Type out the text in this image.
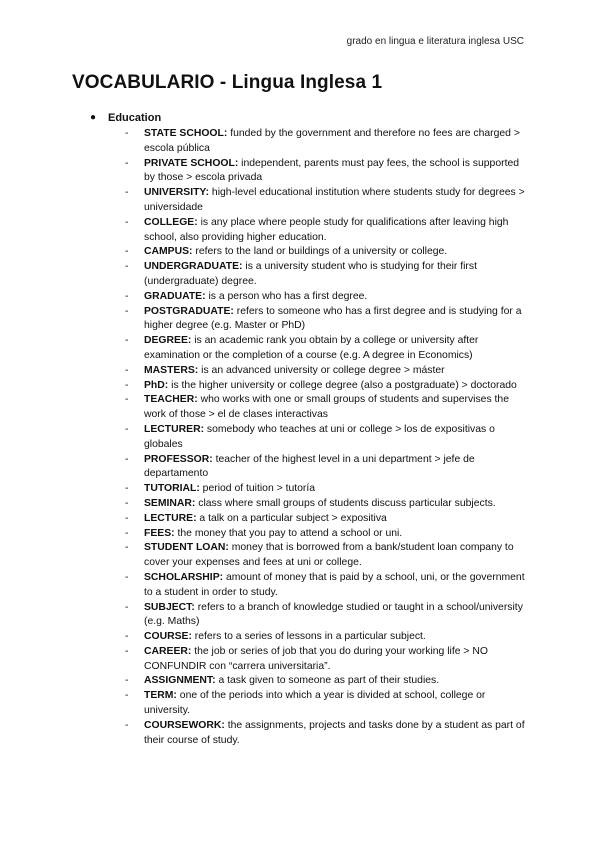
grado en lingua e literatura inglesa USC
VOCABULARIO - Lingua Inglesa 1
● Education
- STATE SCHOOL: funded by the government and therefore no fees are charged > escola pública
- PRIVATE SCHOOL: independent, parents must pay fees, the school is supported by those > escola privada
- UNIVERSITY: high-level educational institution where students study for degrees > universidade
- COLLEGE: is any place where people study for qualifications after leaving high school, also providing higher education.
- CAMPUS: refers to the land or buildings of a university or college.
- UNDERGRADUATE: is a university student who is studying for their first (undergraduate) degree.
- GRADUATE: is a person who has a first degree.
- POSTGRADUATE: refers to someone who has a first degree and is studying for a higher degree (e.g. Master or PhD)
- DEGREE: is an academic rank you obtain by a college or university after examination or the completion of a course (e.g. A degree in Economics)
- MASTERS: is an advanced university or college degree > máster
- PhD: is the higher university or college degree (also a postgraduate) > doctorado
- TEACHER: who works with one or small groups of students and supervises the work of those > el de clases interactivas
- LECTURER: somebody who teaches at uni or college > los de expositivas o globales
- PROFESSOR: teacher of the highest level in a uni department > jefe de departamento
- TUTORIAL: period of tuition > tutoría
- SEMINAR: class where small groups of students discuss particular subjects.
- LECTURE: a talk on a particular subject > expositiva
- FEES: the money that you pay to attend a school or uni.
- STUDENT LOAN: money that is borrowed from a bank/student loan company to cover your expenses and fees at uni or college.
- SCHOLARSHIP: amount of money that is paid by a school, uni, or the government to a student in order to study.
- SUBJECT: refers to a branch of knowledge studied or taught in a school/university (e.g. Maths)
- COURSE: refers to a series of lessons in a particular subject.
- CAREER: the job or series of job that you do during your working life > NO CONFUNDIR con “carrera universitaria”.
- ASSIGNMENT: a task given to someone as part of their studies.
- TERM: one of the periods into which a year is divided at school, college or university.
- COURSEWORK: the assignments, projects and tasks done by a student as part of their course of study.
